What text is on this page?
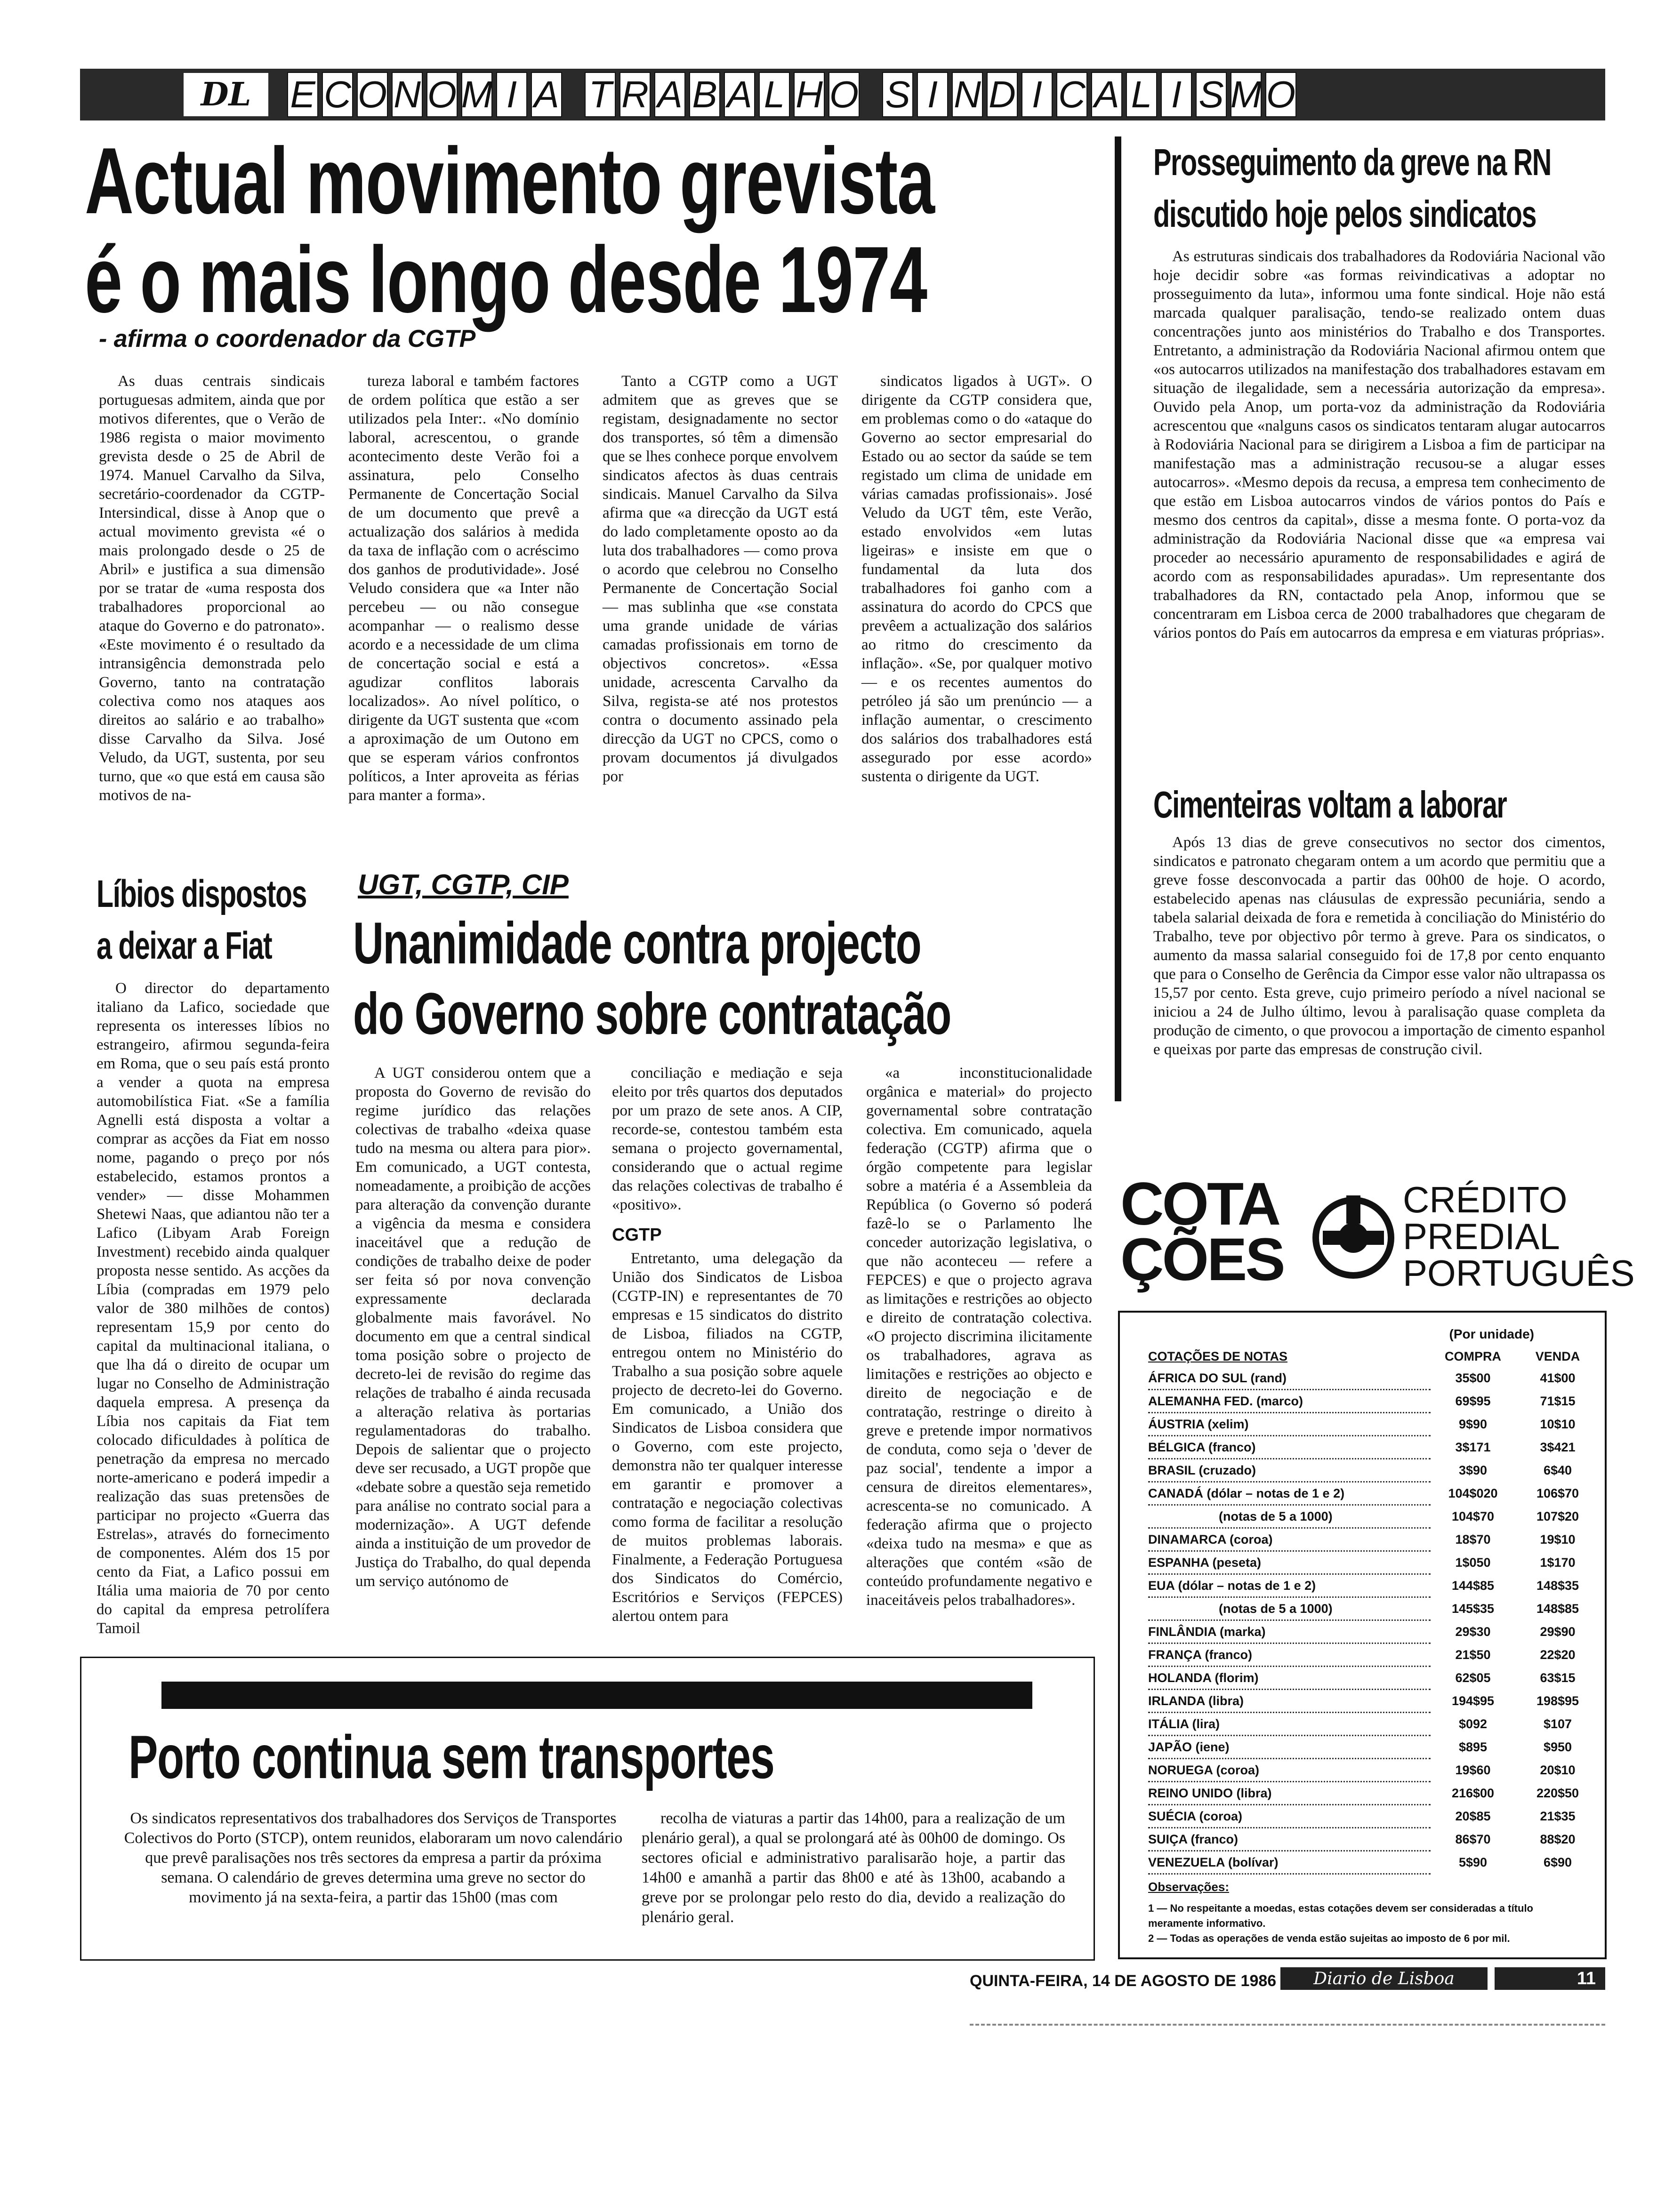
DL	E C O N O M I A T R A B A L H O S I N D I C A L I S M O
Actual movimento grevista
é o mais longo desde 1974
- afirma o coordenador da CGTP

As duas centrais sindicais portuguesas admitem, ainda que por motivos diferentes, que o Verão de 1986 regista o maior movimento grevista desde o 25 de Abril de 1974. Manuel Carvalho da Silva, secretário-coordenador da CGTP-Intersindical, disse à Anop que o actual movimento grevista «é o mais prolongado desde o 25 de Abril» e justifica a sua dimensão por se tratar de «uma resposta dos trabalhadores proporcional ao ataque do Governo e do patronato». «Este movimento é o resultado da intransigência demonstrada pelo Governo, tanto na contratação colectiva como nos ataques aos direitos ao salário e ao trabalho» disse Carvalho da Silva. José Veludo, da UGT, sustenta, por seu turno, que «o que está em causa são motivos de na-

tureza laboral e também factores de ordem política que estão a ser utilizados pela Inter:. «No domínio laboral, acrescentou, o grande acontecimento deste Verão foi a assinatura, pelo Conselho Permanente de Concertação Social de um documento que prevê a actualização dos salários à medida da taxa de inflação com o acréscimo dos ganhos de produtividade». José Veludo considera que «a Inter não percebeu — ou não consegue acompanhar — o realismo desse acordo e a necessidade de um clima de concertação social e está a agudizar conflitos laborais localizados». Ao nível político, o dirigente da UGT sustenta que «com a aproximação de um Outono em que se esperam vários confrontos políticos, a Inter aproveita as férias para manter a forma».

Tanto a CGTP como a UGT admitem que as greves que se registam, designadamente no sector dos transportes, só têm a dimensão que se lhes conhece porque envolvem sindicatos afectos às duas centrais sindicais. Manuel Carvalho da Silva afirma que «a direcção da UGT está do lado completamente oposto ao da luta dos trabalhadores — como prova o acordo que celebrou no Conselho Permanente de Concertação Social — mas sublinha que «se constata uma grande unidade de várias camadas profissionais em torno de objectivos concretos». «Essa unidade, acrescenta Carvalho da Silva, regista-se até nos protestos contra o documento assinado pela direcção da UGT no CPCS, como o provam documentos já divulgados por

sindicatos ligados à UGT». O dirigente da CGTP considera que, em problemas como o do «ataque do Governo ao sector empresarial do Estado ou ao sector da saúde se tem registado um clima de unidade em várias camadas profissionais». José Veludo da UGT têm, este Verão, estado envolvidos «em lutas ligeiras» e insiste em que o fundamental da luta dos trabalhadores foi ganho com a assinatura do acordo do CPCS que prevêem a actualização dos salários ao ritmo do crescimento da inflação». «Se, por qualquer motivo — e os recentes aumentos do petróleo já são um prenúncio — a inflação aumentar, o crescimento dos salários dos trabalhadores está assegurado por esse acordo» sustenta o dirigente da UGT.

Prosseguimento da greve na RN
discutido hoje pelos sindicatos

As estruturas sindicais dos trabalhadores da Rodoviária Nacional vão hoje decidir sobre «as formas reivindicativas a adoptar no prosseguimento da luta», informou uma fonte sindical. Hoje não está marcada qualquer paralisação, tendo-se realizado ontem duas concentrações junto aos ministérios do Trabalho e dos Transportes. Entretanto, a administração da Rodoviária Nacional afirmou ontem que «os autocarros utilizados na manifestação dos trabalhadores estavam em situação de ilegalidade, sem a necessária autorização da empresa». Ouvido pela Anop, um porta-voz da administração da Rodoviária acrescentou que «nalguns casos os sindicatos tentaram alugar autocarros à Rodoviária Nacional para se dirigirem a Lisboa a fim de participar na manifestação mas a administração recusou-se a alugar esses autocarros». «Mesmo depois da recusa, a empresa tem conhecimento de que estão em Lisboa autocarros vindos de vários pontos do País e mesmo dos centros da capital», disse a mesma fonte. O porta-voz da administração da Rodoviária Nacional disse que «a empresa vai proceder ao necessário apuramento de responsabilidades e agirá de acordo com as responsabilidades apuradas». Um representante dos trabalhadores da RN, contactado pela Anop, informou que se concentraram em Lisboa cerca de 2000 trabalhadores que chegaram de vários pontos do País em autocarros da empresa e em viaturas próprias».

Cimenteiras voltam a laborar

Após 13 dias de greve consecutivos no sector dos cimentos, sindicatos e patronato chegaram ontem a um acordo que permitiu que a greve fosse desconvocada a partir das 00h00 de hoje. O acordo, estabelecido apenas nas cláusulas de expressão pecuniária, sendo a tabela salarial deixada de fora e remetida à conciliação do Ministério do Trabalho, teve por objectivo pôr termo à greve. Para os sindicatos, o aumento da massa salarial conseguido foi de 17,8 por cento enquanto que para o Conselho de Gerência da Cimpor esse valor não ultrapassa os 15,57 por cento. Esta greve, cujo primeiro período a nível nacional se iniciou a 24 de Julho último, levou à paralisação quase completa da produção de cimento, o que provocou a importação de cimento espanhol e queixas por parte das empresas de construção civil.

Líbios dispostos
a deixar a Fiat

O director do departamento italiano da Lafico, sociedade que representa os interesses líbios no estrangeiro, afirmou segunda-feira em Roma, que o seu país está pronto a vender a quota na empresa automobilística Fiat. «Se a família Agnelli está disposta a voltar a comprar as acções da Fiat em nosso nome, pagando o preço por nós estabelecido, estamos prontos a vender» — disse Mohammen Shetewi Naas, que adiantou não ter a Lafico (Libyam Arab Foreign Investment) recebido ainda qualquer proposta nesse sentido. As acções da Líbia (compradas em 1979 pelo valor de 380 milhões de contos) representam 15,9 por cento do capital da multinacional italiana, o que lha dá o direito de ocupar um lugar no Conselho de Administração daquela empresa. A presença da Líbia nos capitais da Fiat tem colocado dificuldades à política de penetração da empresa no mercado norte-americano e poderá impedir a realização das suas pretensões de participar no projecto «Guerra das Estrelas», através do fornecimento de componentes. Além dos 15 por cento da Fiat, a Lafico possui em Itália uma maioria de 70 por cento do capital da empresa petrolífera Tamoil

UGT, CGTP, CIP
Unanimidade contra projecto
do Governo sobre contratação

A UGT considerou ontem que a proposta do Governo de revisão do regime jurídico das relações colectivas de trabalho «deixa quase tudo na mesma ou altera para pior». Em comunicado, a UGT contesta, nomeadamente, a proibição de acções para alteração da convenção durante a vigência da mesma e considera inaceitável que a redução de condições de trabalho deixe de poder ser feita só por nova convenção expressamente declarada globalmente mais favorável. No documento em que a central sindical toma posição sobre o projecto de decreto-lei de revisão do regime das relações de trabalho é ainda recusada a alteração relativa às portarias regulamentadoras do trabalho. Depois de salientar que o projecto deve ser recusado, a UGT propõe que «debate sobre a questão seja remetido para análise no contrato social para a modernização». A UGT defende ainda a instituição de um provedor de Justiça do Trabalho, do qual dependa um serviço autónomo de

conciliação e mediação e seja eleito por três quartos dos deputados por um prazo de sete anos. A CIP, recorde-se, contestou também esta semana o projecto governamental, considerando que o actual regime das relações colectivas de trabalho é «positivo».

CGTP

Entretanto, uma delegação da União dos Sindicatos de Lisboa (CGTP-IN) e representantes de 70 empresas e 15 sindicatos do distrito de Lisboa, filiados na CGTP, entregou ontem no Ministério do Trabalho a sua posição sobre aquele projecto de decreto-lei do Governo. Em comunicado, a União dos Sindicatos de Lisboa considera que o Governo, com este projecto, demonstra não ter qualquer interesse em garantir e promover a contratação e negociação colectivas como forma de facilitar a resolução de muitos problemas laborais. Finalmente, a Federação Portuguesa dos Sindicatos do Comércio, Escritórios e Serviços (FEPCES) alertou ontem para

«a inconstitucionalidade orgânica e material» do projecto governamental sobre contratação colectiva. Em comunicado, aquela federação (CGTP) afirma que o órgão competente para legislar sobre a matéria é a Assembleia da República (o Governo só poderá fazê-lo se o Parlamento lhe conceder autorização legislativa, o que não aconteceu — refere a FEPCES) e que o projecto agrava as limitações e restrições ao objecto e direito de contratação colectiva. «O projecto discrimina ilicitamente os trabalhadores, agrava as limitações e restrições ao objecto e direito de negociação e de contratação, restringe o direito à greve e pretende impor normativos de conduta, como seja o 'dever de paz social', tendente a impor a censura de direitos elementares», acrescenta-se no comunicado. A federação afirma que o projecto «deixa tudo na mesma» e que as alterações que contém «são de conteúdo profundamente negativo e inaceitáveis pelos trabalhadores».

COTA
ÇÕES
CRÉDITO
PREDIAL
PORTUGUÊS
(Por unidade)
COTAÇÕES DE NOTAS	COMPRA	VENDA
ÁFRICA DO SUL (rand)	35$00	41$00
ALEMANHA FED. (marco)	69$95	71$15
ÁUSTRIA (xelim)	9$90	10$10
BÉLGICA (franco)	3$171	3$421
BRASIL (cruzado)	3$90	6$40
CANADÁ (dólar – notas de 1 e 2)	104$020	106$70
(notas de 5 a 1000)	104$70	107$20
DINAMARCA (coroa)	18$70	19$10
ESPANHA (peseta)	1$050	1$170
EUA (dólar – notas de 1 e 2)	144$85	148$35
(notas de 5 a 1000)	145$35	148$85
FINLÂNDIA (marka)	29$30	29$90
FRANÇA (franco)	21$50	22$20
HOLANDA (florim)	62$05	63$15
IRLANDA (libra)	194$95	198$95
ITÁLIA (lira)	$092	$107
JAPÃO (iene)	$895	$950
NORUEGA (coroa)	19$60	20$10
REINO UNIDO (libra)	216$00	220$50
SUÉCIA (coroa)	20$85	21$35
SUIÇA (franco)	86$70	88$20
VENEZUELA (bolívar)	5$90	6$90
Observações:
1 — No respeitante a moedas, estas cotações devem ser consideradas a título meramente informativo.
2 — Todas as operações de venda estão sujeitas ao imposto de 6 por mil.
Porto continua sem transportes

Os sindicatos representativos dos trabalhadores dos Serviços de Transportes Colectivos do Porto (STCP), ontem reunidos, elaboraram um novo calendário que prevê paralisações nos três sectores da empresa a partir da próxima semana. O calendário de greves determina uma greve no sector do movimento já na sexta-feira, a partir das 15h00 (mas com

recolha de viaturas a partir das 14h00, para a realização de um plenário geral), a qual se prolongará até às 00h00 de domingo. Os sectores oficial e administrativo paralisarão hoje, a partir das 14h00 e amanhã a partir das 8h00 e até às 13h00, acabando a greve por se prolongar pelo resto do dia, devido a realização do plenário geral.

QUINTA-FEIRA, 14 DE AGOSTO DE 1986	Diario de Lisboa	11
